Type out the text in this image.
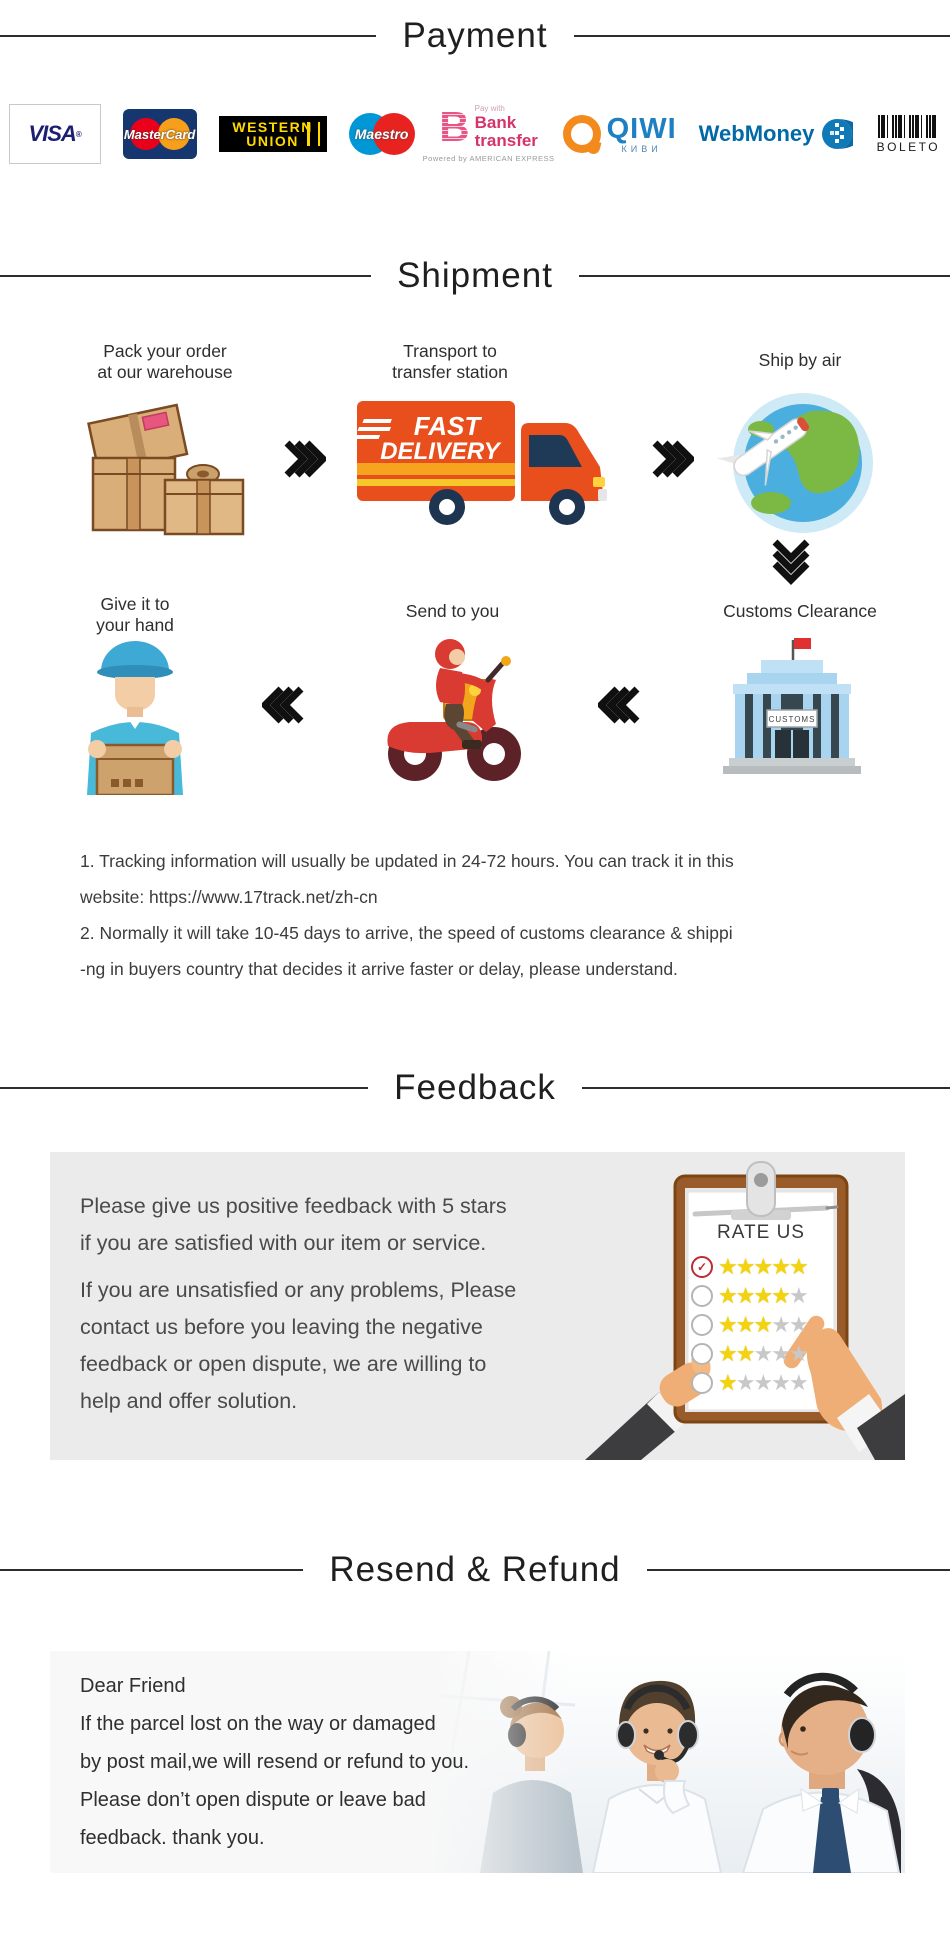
Payment
VISA ®	MasterCard	WESTERN
UNION	Maestro B Pay with
Bank
transfer
Powered by AMERICAN EXPRESS
QIWI
КИВИ
WebMoney
BOLETO
Shipment
Pack your order
at our warehouse
Transport to
transfer station
Ship by air
FAST
DELIVERY
Give it to
your hand
Send to you	Customs Clearance
CUSTOMS

1. Tracking information will usually be updated in 24-72 hours. You can track it in this

website: https://www.17track.net/zh-cn

2. Normally it will take 10-45 days to arrive, the speed of customs clearance & shippi

-ng in buyers country that decides it arrive faster or delay, please understand.

Feedback

Please give us positive feedback with 5 stars

if you are satisfied with our item or service.

If you are unsatisfied or any problems, Please

contact us before you leaving the negative

feedback or open dispute, we are willing to

help and offer solution.

RATE US
✓ ★★★★★
★★★★★
★★★★★
★★★★★
★★★★★
Resend & Refund

Dear Friend

If the parcel lost on the way or damaged

by post mail,we will resend or refund to you.

Please don’t open dispute or leave bad

feedback. thank you.
